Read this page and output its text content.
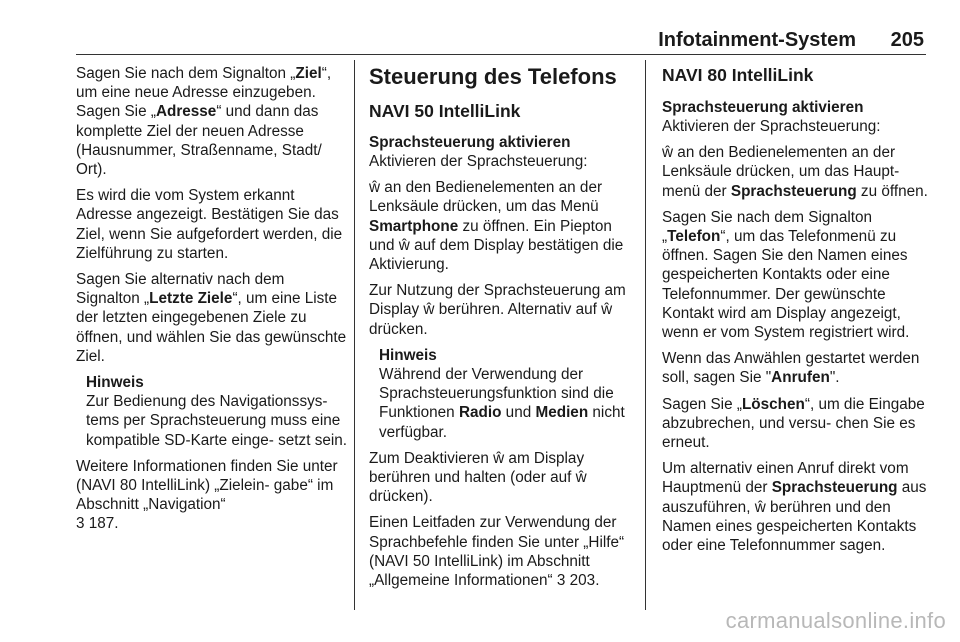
Infotainment-System 205

Sagen Sie nach dem Signalton „Ziel“, um eine neue Adresse einzugeben. Sagen Sie „Adresse“ und dann das komplette Ziel der neuen Adresse (Hausnummer, Straßenname, Stadt/ Ort).

Es wird die vom System erkannt Adresse angezeigt. Bestätigen Sie das Ziel, wenn Sie aufgefordert werden, die Zielführung zu starten.

Sagen Sie alternativ nach dem Signalton „Letzte Ziele“, um eine Liste der letzten eingegebenen Ziele zu öffnen, und wählen Sie das gewünschte Ziel.

Hinweis
Zur Bedienung des Navigationssys- tems per Sprachsteuerung muss eine kompatible SD-Karte einge- setzt sein.

Weitere Informationen finden Sie unter (NAVI 80 IntelliLink) „Zielein- gabe“ im Abschnitt „Navigation“
3 187.

Steuerung des Telefons
NAVI 50 IntelliLink
Sprachsteuerung aktivieren

Aktivieren der Sprachsteuerung:

ŵ an den Bedienelementen an der Lenksäule drücken, um das Menü Smartphone zu öffnen. Ein Piepton und ŵ auf dem Display bestätigen die Aktivierung.

Zur Nutzung der Sprachsteuerung am Display ŵ berühren. Alternativ auf ŵ drücken.

Hinweis
Während der Verwendung der Sprachsteuerungsfunktion sind die Funktionen Radio und Medien nicht verfügbar.

Zum Deaktivieren ŵ am Display berühren und halten (oder auf ŵ drücken).

Einen Leitfaden zur Verwendung der Sprachbefehle finden Sie unter „Hilfe“ (NAVI 50 IntelliLink) im Abschnitt „Allgemeine Informationen“ 3 203.

NAVI 80 IntelliLink
Sprachsteuerung aktivieren

Aktivieren der Sprachsteuerung:

ŵ an den Bedienelementen an der Lenksäule drücken, um das Haupt- menü der Sprachsteuerung zu öffnen.

Sagen Sie nach dem Signalton „Telefon“, um das Telefonmenü zu öffnen. Sagen Sie den Namen eines gespeicherten Kontakts oder eine Telefonnummer. Der gewünschte Kontakt wird am Display angezeigt, wenn er vom System registriert wird.

Wenn das Anwählen gestartet werden soll, sagen Sie "Anrufen".

Sagen Sie „Löschen“, um die Eingabe abzubrechen, und versu- chen Sie es erneut.

Um alternativ einen Anruf direkt vom Hauptmenü der Sprachsteuerung aus auszuführen, ŵ berühren und den Namen eines gespeicherten Kontakts oder eine Telefonnummer sagen.

carmanualsonline.info
